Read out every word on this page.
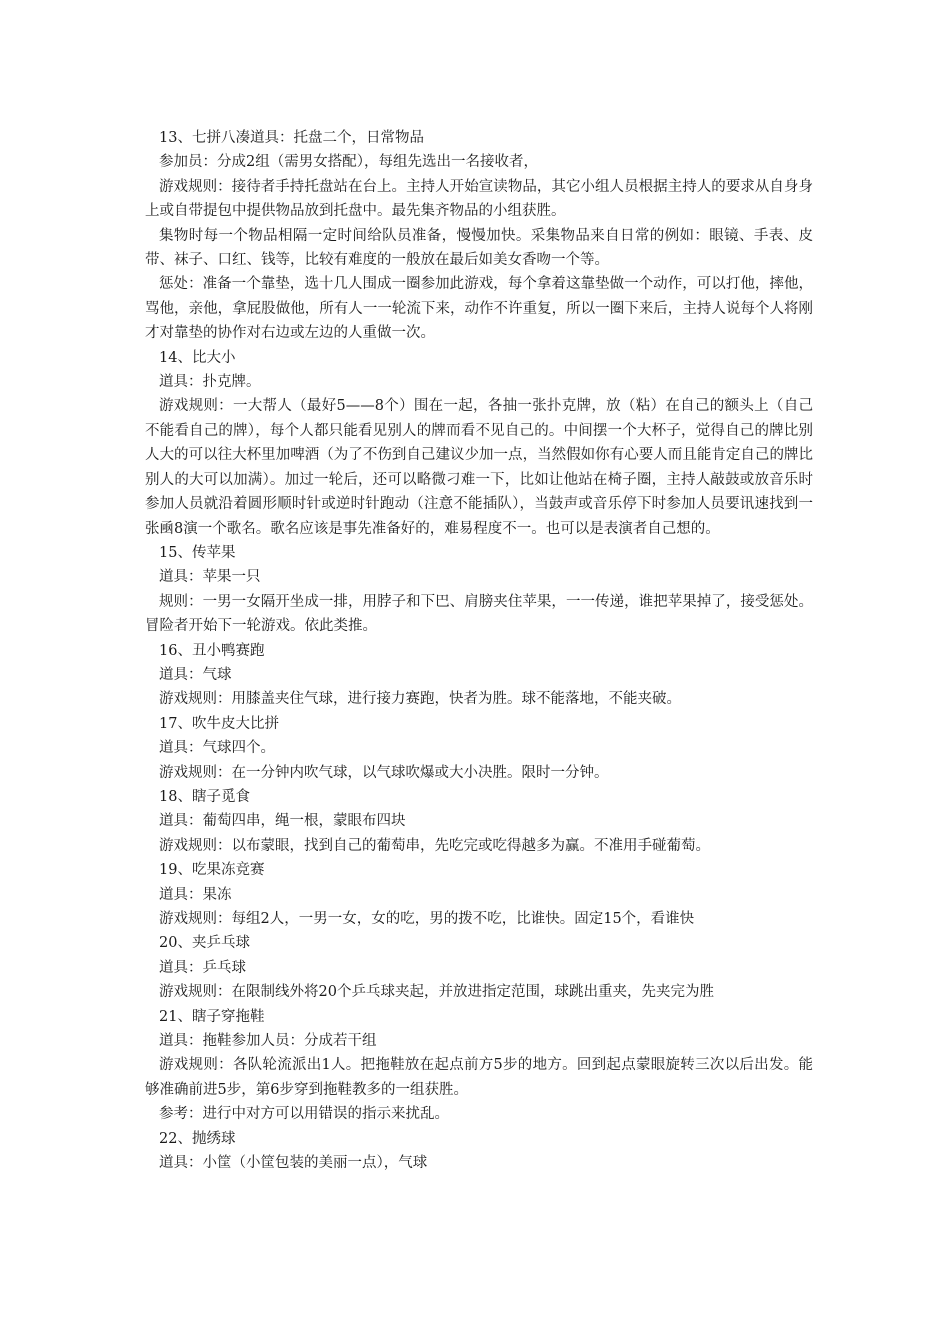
13、七拼八凑道具：托盘二个，日常物品

参加员：分成2组（需男女搭配），每组先选出一名接收者，

游戏规则：接待者手持托盘站在台上。主持人开始宣读物品，其它小组人员根据主持人的要求从自身身上或自带提包中提供物品放到托盘中。最先集齐物品的小组获胜。

集物时每一个物品相隔一定时间给队员准备，慢慢加快。采集物品来自日常的例如：眼镜、手表、皮带、袜子、口红、钱等，比较有难度的一般放在最后如美女香吻一个等。

惩处：准备一个靠垫，选十几人围成一圈参加此游戏，每个拿着这靠垫做一个动作，可以打他，摔他，骂他，亲他，拿屁股做他，所有人一一轮流下来，动作不许重复，所以一圈下来后，主持人说每个人将刚才对靠垫的协作对右边或左边的人重做一次。

14、比大小

道具：扑克牌。

游戏规则：一大帮人（最好5——8个）围在一起，各抽一张扑克牌，放（粘）在自己的额头上（自己不能看自己的牌），每个人都只能看见别人的牌而看不见自己的。中间摆一个大杯子，觉得自己的牌比别人大的可以往大杯里加啤酒（为了不伤到自己建议少加一点，当然假如你有心要人而且能肯定自己的牌比别人的大可以加满）。加过一轮后，还可以略微刁难一下，比如让他站在椅子圈，主持人敲鼓或放音乐时参加人员就沿着圆形顺时针或逆时针跑动（注意不能插队），当鼓声或音乐停下时参加人员要讯速找到一张凾8演一个歌名。歌名应该是事先准备好的，难易程度不一。也可以是表演者自己想的。

15、传苹果

道具：苹果一只

规则：一男一女隔开坐成一排，用脖子和下巴、肩膀夹住苹果，一一传递，谁把苹果掉了，接受惩处。冒险者开始下一轮游戏。依此类推。

16、丑小鸭赛跑

道具：气球

游戏规则：用膝盖夹住气球，进行接力赛跑，快者为胜。球不能落地，不能夹破。

17、吹牛皮大比拼

道具：气球四个。

游戏规则：在一分钟内吹气球，以气球吹爆或大小决胜。限时一分钟。

18、瞎子觅食

道具：葡萄四串，绳一根，蒙眼布四块

游戏规则：以布蒙眼，找到自己的葡萄串，先吃完或吃得越多为赢。不准用手碰葡萄。

19、吃果冻竞赛

道具：果冻

游戏规则：每组2人，一男一女，女的吃，男的拨不吃，比谁快。固定15个，看谁快

20、夹乒乓球

道具：乒乓球

游戏规则：在限制线外将20个乒乓球夹起，并放进指定范围，球跳出重夹，先夹完为胜

21、瞎子穿拖鞋

道具：拖鞋参加人员：分成若干组

游戏规则：各队轮流派出1人。把拖鞋放在起点前方5步的地方。回到起点蒙眼旋转三次以后出发。能够准确前进5步，第6步穿到拖鞋教多的一组获胜。

参考：进行中对方可以用错误的指示来扰乱。

22、抛绣球

道具：小筐（小筐包装的美丽一点），气球
